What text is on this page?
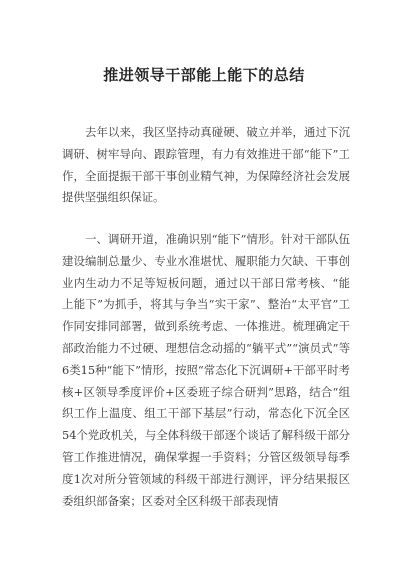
推进领导干部能上能下的总结

去年以来，我区坚持动真碰硬、破立并举，通过下沉调研、树牢导向、跟踪管理，有力有效推进干部“能下”工作，全面提振干部干事创业精气神，为保障经济社会发展提供坚强组织保证。

一、调研开道，准确识别“能下”情形。针对干部队伍建设编制总量少、专业水准堪忧、履职能力欠缺、干事创业内生动力不足等短板问题，通过以干部日常考核、“能上能下”为抓手，将其与争当“实干家”、整治“太平官”工作同安排同部署，做到系统考虑、一体推进。梳理确定干部政治能力不过硬、理想信念动摇的“躺平式”“演员式”等6类15种“能下”情形，按照“常态化下沉调研+干部平时考核+区领导季度评价+区委班子综合研判”思路，结合“组织工作上温度、组工干部下基层”行动，常态化下沉全区54个党政机关，与全体科级干部逐个谈话了解科级干部分管工作推进情况，确保掌握一手资料；分管区级领导每季度1次对所分管领域的科级干部进行测评，评分结果报区委组织部备案；区委对全区科级干部表现情
